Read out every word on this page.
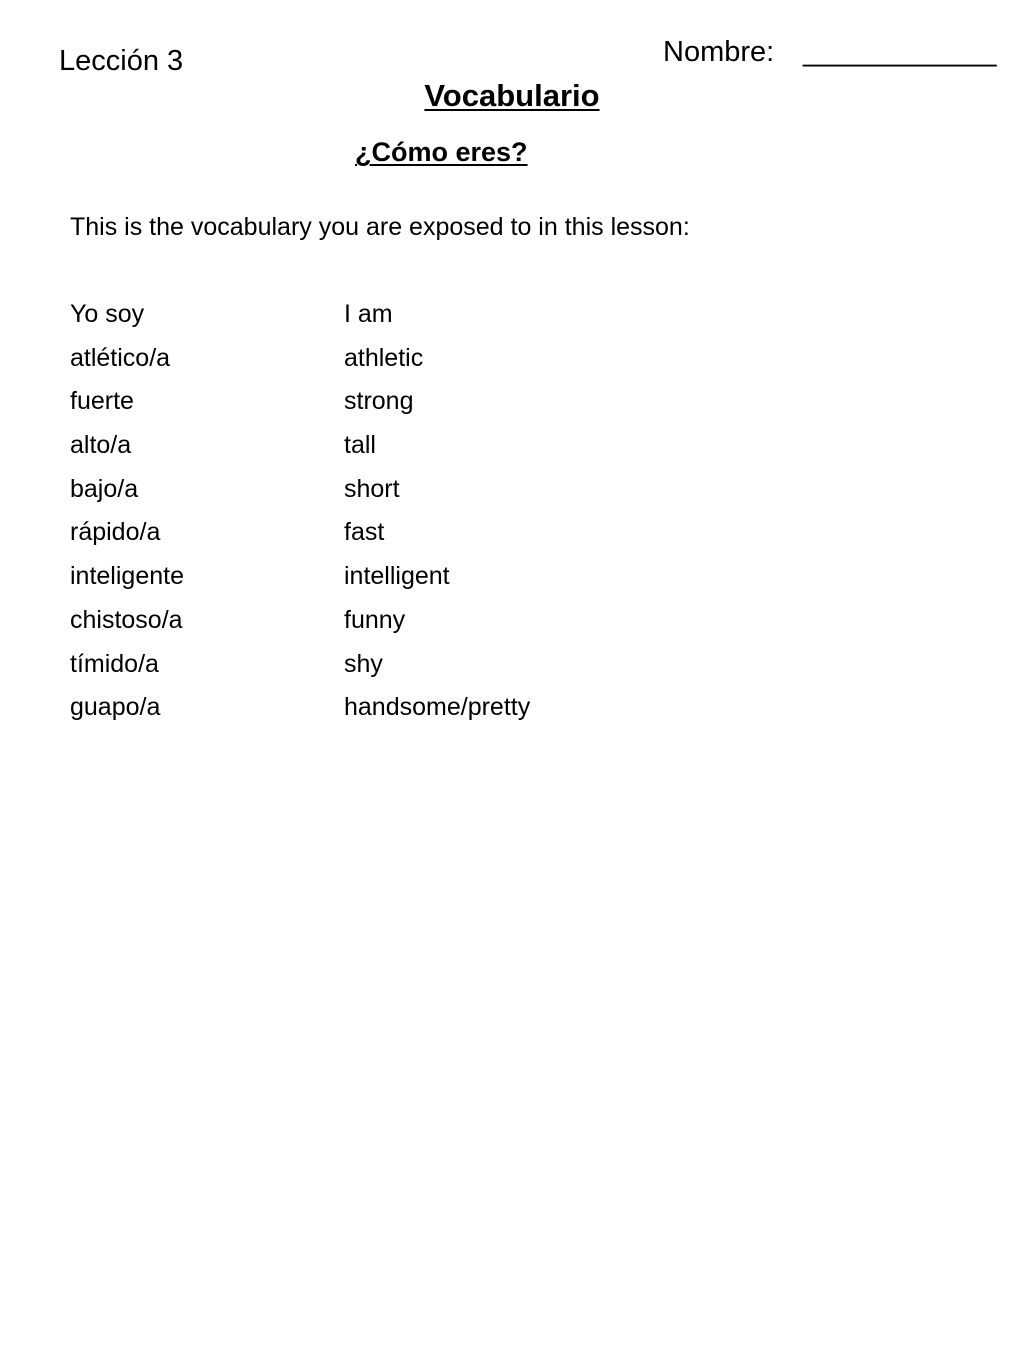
Lección 3	Nombre: ____________
Vocabulario
¿Cómo eres?
This is the vocabulary you are exposed to in this lesson:
Yo soy	I am
atlético/a	athletic
fuerte	strong
alto/a	tall
bajo/a	short
rápido/a	fast
inteligente	intelligent
chistoso/a	funny
tímido/a	shy
guapo/a	handsome/pretty
